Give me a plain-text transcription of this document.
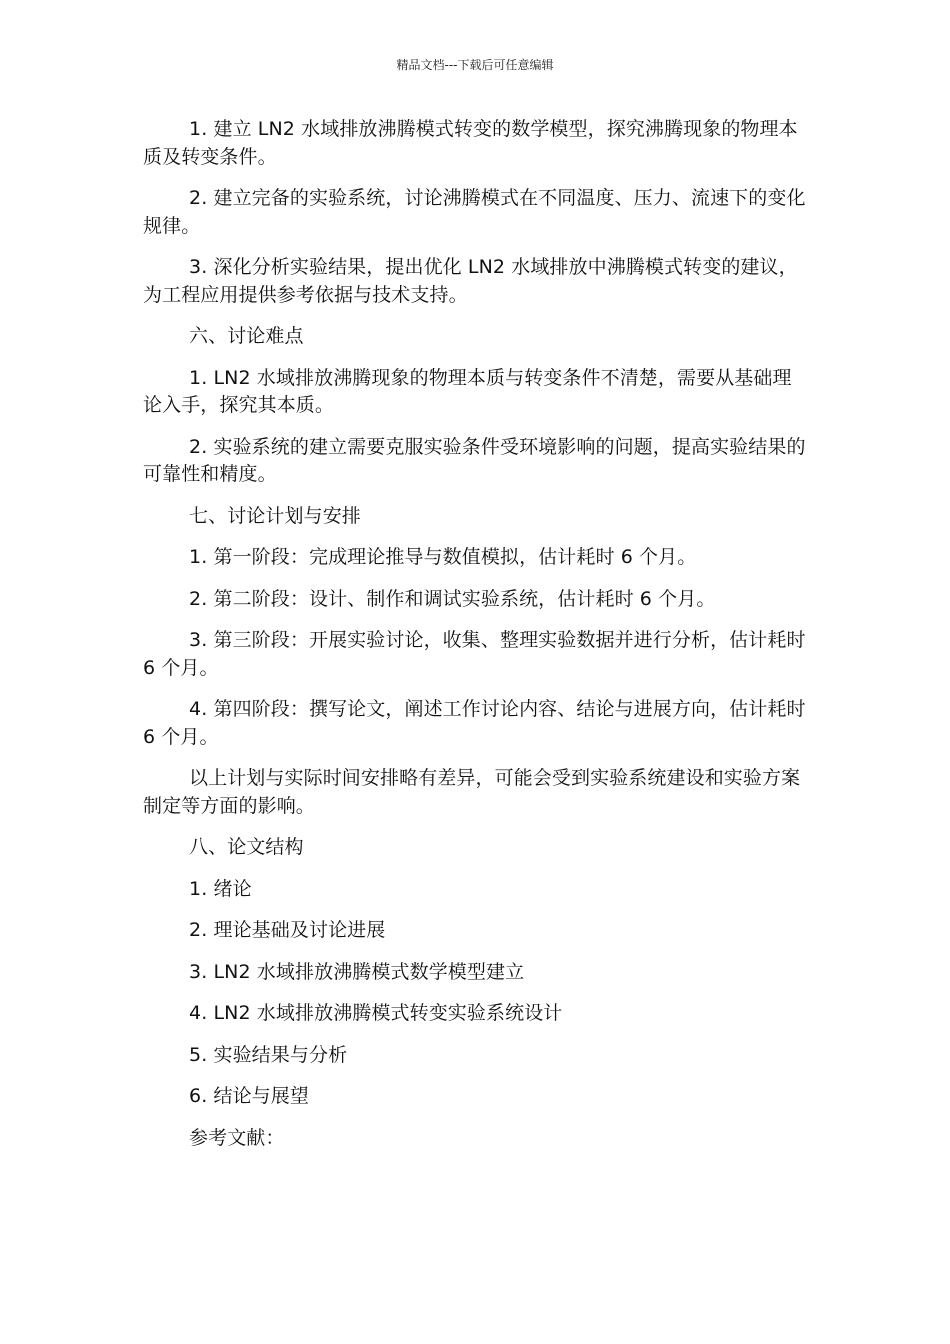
精品文档---下载后可任意编辑

1. 建立 LN2 水域排放沸腾模式转变的数学模型，探究沸腾现象的物理本质及转变条件。

2. 建立完备的实验系统，讨论沸腾模式在不同温度、压力、流速下的变化规律。

3. 深化分析实验结果，提出优化 LN2 水域排放中沸腾模式转变的建议，为工程应用提供参考依据与技术支持。

六、讨论难点

1. LN2 水域排放沸腾现象的物理本质与转变条件不清楚，需要从基础理论入手，探究其本质。

2. 实验系统的建立需要克服实验条件受环境影响的问题，提高实验结果的可靠性和精度。

七、讨论计划与安排

1. 第一阶段：完成理论推导与数值模拟，估计耗时 6 个月。

2. 第二阶段：设计、制作和调试实验系统，估计耗时 6 个月。

3. 第三阶段：开展实验讨论，收集、整理实验数据并进行分析，估计耗时 6 个月。

4. 第四阶段：撰写论文，阐述工作讨论内容、结论与进展方向，估计耗时 6 个月。

以上计划与实际时间安排略有差异，可能会受到实验系统建设和实验方案制定等方面的影响。

八、论文结构

1. 绪论

2. 理论基础及讨论进展

3. LN2 水域排放沸腾模式数学模型建立

4. LN2 水域排放沸腾模式转变实验系统设计

5. 实验结果与分析

6. 结论与展望

参考文献：
